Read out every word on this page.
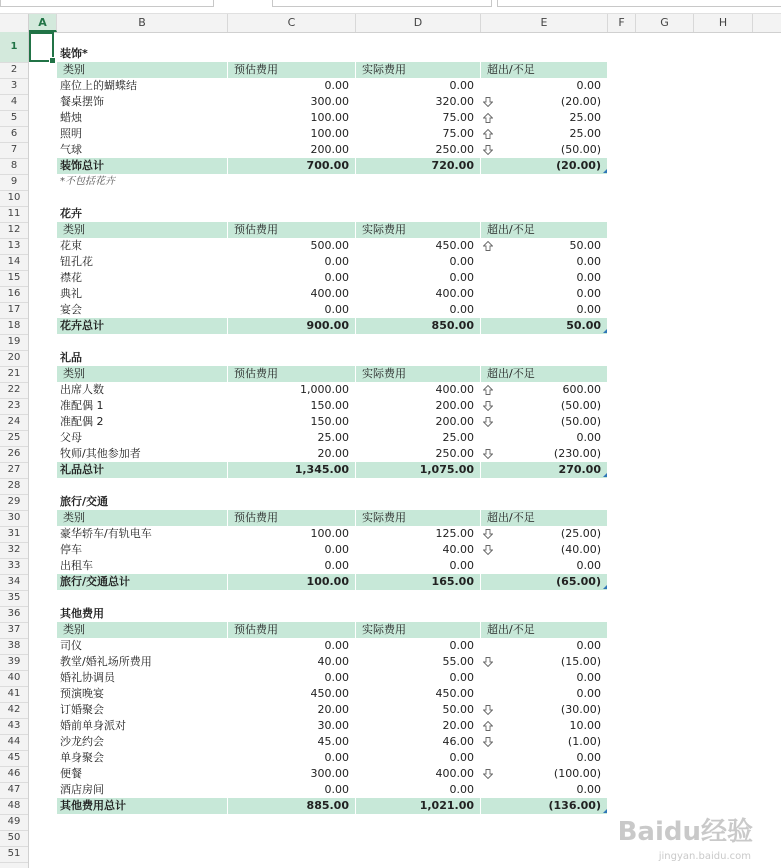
A	B	C	D	E	F	G	H
1
2
3
4
5
6
7
8
9
10
11
12
13
14
15
16
17
18
19
20
21
22
23
24
25
26
27
28
29
30
31
32
33
34
35
36
37
38
39
40
41
42
43
44
45
46
47
48
49
50
51
装饰*
类别	预估费用	实际费用	超出/不足
座位上的蝴蝶结	0.00	0.00	0.00
餐桌摆饰	300.00	320.00	(20.00)
蜡烛	100.00	75.00	25.00
照明	100.00	75.00	25.00
气球	200.00	250.00	(50.00)
装饰总计	700.00	720.00	(20.00)
*不包括花卉
花卉
类别	预估费用	实际费用	超出/不足
花束	500.00	450.00	50.00
钮孔花	0.00	0.00	0.00
襟花	0.00	0.00	0.00
典礼	400.00	400.00	0.00
宴会	0.00	0.00	0.00
花卉总计	900.00	850.00	50.00
礼品
类别	预估费用	实际费用	超出/不足
出席人数	1,000.00	400.00	600.00
准配偶 1	150.00	200.00	(50.00)
准配偶 2	150.00	200.00	(50.00)
父母	25.00	25.00	0.00
牧师/其他参加者	20.00	250.00	(230.00)
礼品总计	1,345.00	1,075.00	270.00
旅行/交通
类别	预估费用	实际费用	超出/不足
豪华轿车/有轨电车	100.00	125.00	(25.00)
停车	0.00	40.00	(40.00)
出租车	0.00	0.00	0.00
旅行/交通总计	100.00	165.00	(65.00)
其他费用
类别	预估费用	实际费用	超出/不足
司仪	0.00	0.00	0.00
教堂/婚礼场所费用	40.00	55.00	(15.00)
婚礼协调员	0.00	0.00	0.00
预演晚宴	450.00	450.00	0.00
订婚聚会	20.00	50.00	(30.00)
婚前单身派对	30.00	20.00	10.00
沙龙约会	45.00	46.00	(1.00)
单身聚会	0.00	0.00	0.00
便餐	300.00	400.00	(100.00)
酒店房间	0.00	0.00	0.00
其他费用总计	885.00	1,021.00	(136.00)
Baidu经验
jingyan.baidu.com
